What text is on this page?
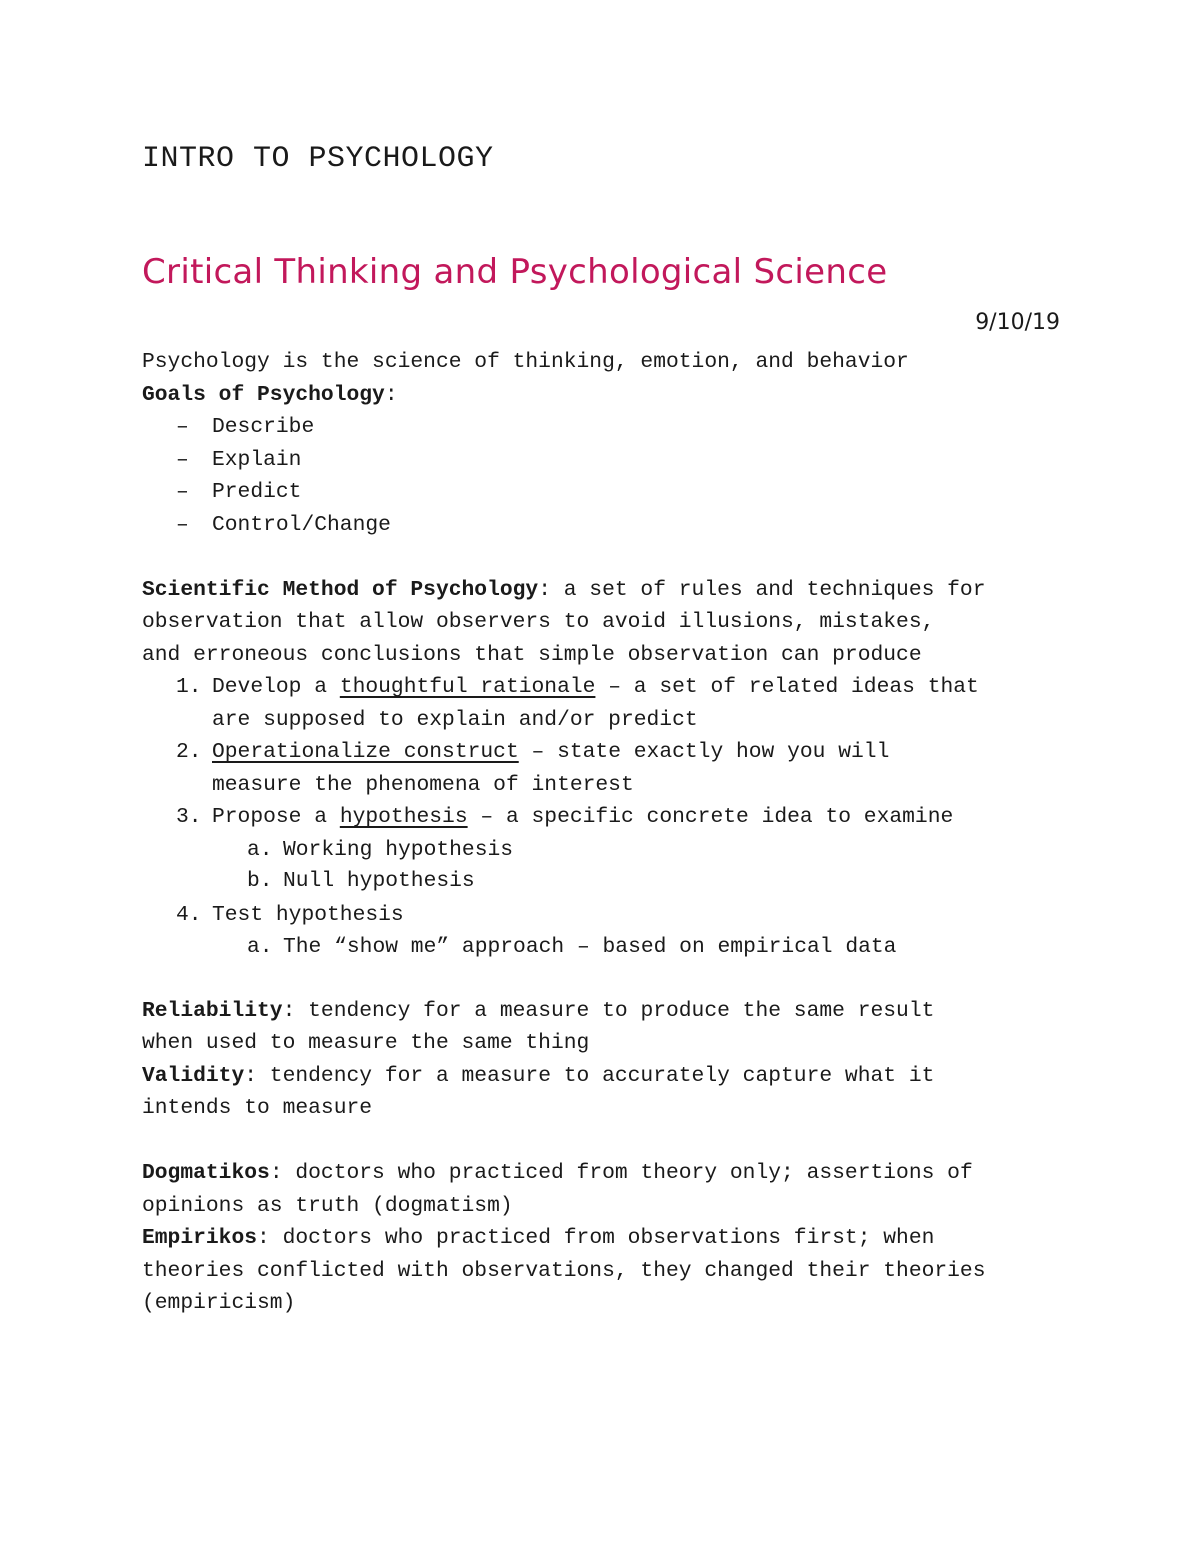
INTRO TO PSYCHOLOGY
Critical Thinking and Psychological Science
9/10/19
Psychology is the science of thinking, emotion, and behavior
Goals of Psychology:
–	Describe
–	Explain
–	Predict
–	Control/Change
Scientific Method of Psychology: a set of rules and techniques for
observation that allow observers to avoid illusions, mistakes,
and erroneous conclusions that simple observation can produce
1. Develop a thoughtful rationale – a set of related ideas that
are supposed to explain and/or predict
2. Operationalize construct – state exactly how you will
measure the phenomena of interest
3. Propose a hypothesis – a specific concrete idea to examine
a. Working hypothesis
b. Null hypothesis
4. Test hypothesis
a. The “show me” approach – based on empirical data
Reliability: tendency for a measure to produce the same result
when used to measure the same thing
Validity: tendency for a measure to accurately capture what it
intends to measure
Dogmatikos: doctors who practiced from theory only; assertions of
opinions as truth (dogmatism)
Empirikos: doctors who practiced from observations first; when
theories conflicted with observations, they changed their theories
(empiricism)
